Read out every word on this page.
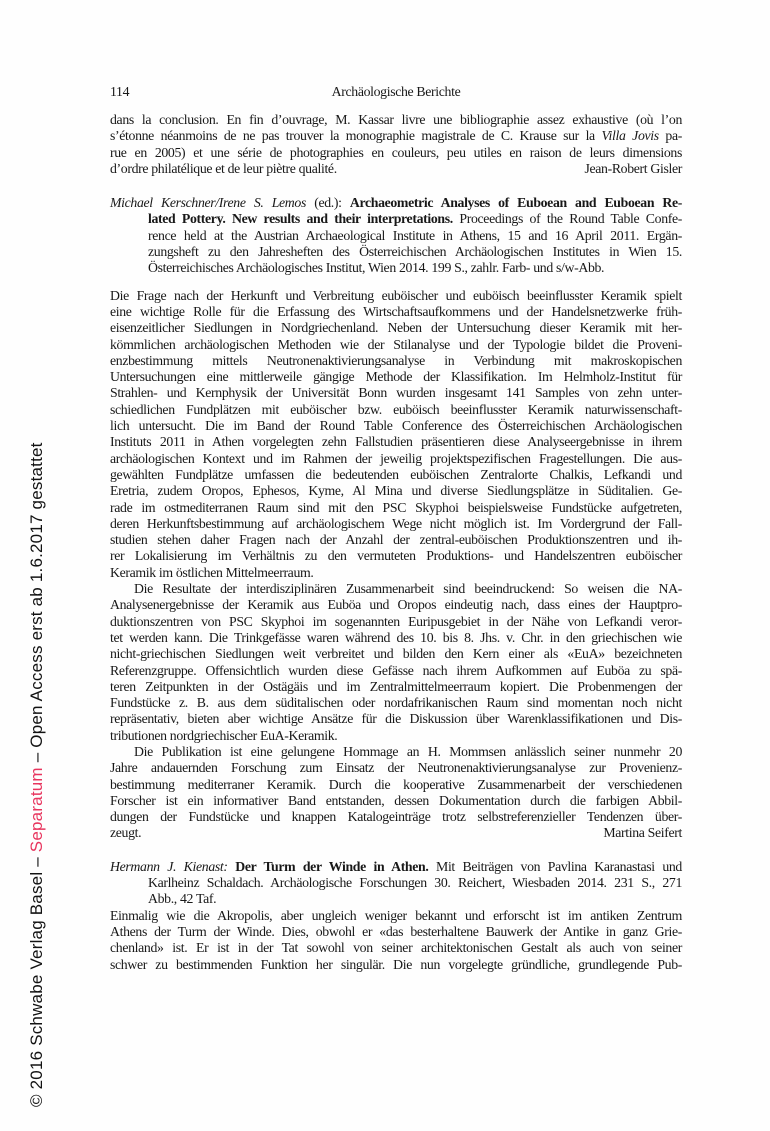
© 2016 Schwabe Verlag Basel – Separatum – Open Access erst ab 1.6.2017 gestattet
114	Archäologische Berichte
dans la conclusion. En fin d’ouvrage, M. Kassar livre une bibliographie assez exhaustive (où l’on
s’étonne néanmoins de ne pas trouver la monographie magistrale de C. Krause sur la Villa Jovis pa-
rue en 2005) et une série de photographies en couleurs, peu utiles en raison de leurs dimensions
d’ordre philatélique et de leur piètre qualité.	Jean-Robert Gisler
Michael Kerschner/Irene S. Lemos (ed.): Archaeometric Analyses of Euboean and Euboean Re-
lated Pottery. New results and their interpretations. Proceedings of the Round Table Confe-
rence held at the Austrian Archaeological Institute in Athens, 15 and 16 April 2011. Ergän-
zungsheft zu den Jahresheften des Österreichischen Archäologischen Institutes in Wien 15.
Österreichisches Archäologisches Institut, Wien 2014. 199 S., zahlr. Farb- und s/w-Abb.
Die Frage nach der Herkunft und Verbreitung euböischer und euböisch beeinflusster Keramik spielt
eine wichtige Rolle für die Erfassung des Wirtschaftsaufkommens und der Handelsnetzwerke früh-
eisenzeitlicher Siedlungen in Nordgriechenland. Neben der Untersuchung dieser Keramik mit her-
kömmlichen archäologischen Methoden wie der Stilanalyse und der Typologie bildet die Proveni-
enzbestimmung mittels Neutronenaktivierungsanalyse in Verbindung mit makroskopischen
Untersuchungen eine mittlerweile gängige Methode der Klassifikation. Im Helmholz-Institut für
Strahlen- und Kernphysik der Universität Bonn wurden insgesamt 141 Samples von zehn unter-
schiedlichen Fundplätzen mit euböischer bzw. euböisch beeinflusster Keramik naturwissenschaft-
lich untersucht. Die im Band der Round Table Conference des Österreichischen Archäologischen
Instituts 2011 in Athen vorgelegten zehn Fallstudien präsentieren diese Analyseergebnisse in ihrem
archäologischen Kontext und im Rahmen der jeweilig projektspezifischen Fragestellungen. Die aus-
gewählten Fundplätze umfassen die bedeutenden euböischen Zentralorte Chalkis, Lefkandi und
Eretria, zudem Oropos, Ephesos, Kyme, Al Mina und diverse Siedlungsplätze in Süditalien. Ge-
rade im ostmediterranen Raum sind mit den PSC Skyphoi beispielsweise Fundstücke aufgetreten,
deren Herkunftsbestimmung auf archäologischem Wege nicht möglich ist. Im Vordergrund der Fall-
studien stehen daher Fragen nach der Anzahl der zentral-euböischen Produktionszentren und ih-
rer Lokalisierung im Verhältnis zu den vermuteten Produktions- und Handelszentren euböischer
Keramik im östlichen Mittelmeerraum.
Die Resultate der interdisziplinären Zusammenarbeit sind beeindruckend: So weisen die NA-
Analysenergebnisse der Keramik aus Euböa und Oropos eindeutig nach, dass eines der Hauptpro-
duktionszentren von PSC Skyphoi im sogenannten Euripusgebiet in der Nähe von Lefkandi veror-
tet werden kann. Die Trinkgefässe waren während des 10. bis 8. Jhs. v. Chr. in den griechischen wie
nicht-griechischen Siedlungen weit verbreitet und bilden den Kern einer als «EuA» bezeichneten
Referenzgruppe. Offensichtlich wurden diese Gefässe nach ihrem Aufkommen auf Euböa zu spä-
teren Zeitpunkten in der Ostägäis und im Zentralmittelmeerraum kopiert. Die Probenmengen der
Fundstücke z. B. aus dem süditalischen oder nordafrikanischen Raum sind momentan noch nicht
repräsentativ, bieten aber wichtige Ansätze für die Diskussion über Warenklassifikationen und Dis-
tributionen nordgriechischer EuA-Keramik.
Die Publikation ist eine gelungene Hommage an H. Mommsen anlässlich seiner nunmehr 20
Jahre andauernden Forschung zum Einsatz der Neutronenaktivierungsanalyse zur Provenienz-
bestimmung mediterraner Keramik. Durch die kooperative Zusammenarbeit der verschiedenen
Forscher ist ein informativer Band entstanden, dessen Dokumentation durch die farbigen Abbil-
dungen der Fundstücke und knappen Katalogeinträge trotz selbstreferenzieller Tendenzen über-
zeugt.	Martina Seifert
Hermann J. Kienast: Der Turm der Winde in Athen. Mit Beiträgen von Pavlina Karanastasi und
Karlheinz Schaldach. Archäologische Forschungen 30. Reichert, Wiesbaden 2014. 231 S., 271
Abb., 42 Taf.
Einmalig wie die Akropolis, aber ungleich weniger bekannt und erforscht ist im antiken Zentrum
Athens der Turm der Winde. Dies, obwohl er «das besterhaltene Bauwerk der Antike in ganz Grie-
chenland» ist. Er ist in der Tat sowohl von seiner architektonischen Gestalt als auch von seiner
schwer zu bestimmenden Funktion her singulär. Die nun vorgelegte gründliche, grundlegende Pub-
